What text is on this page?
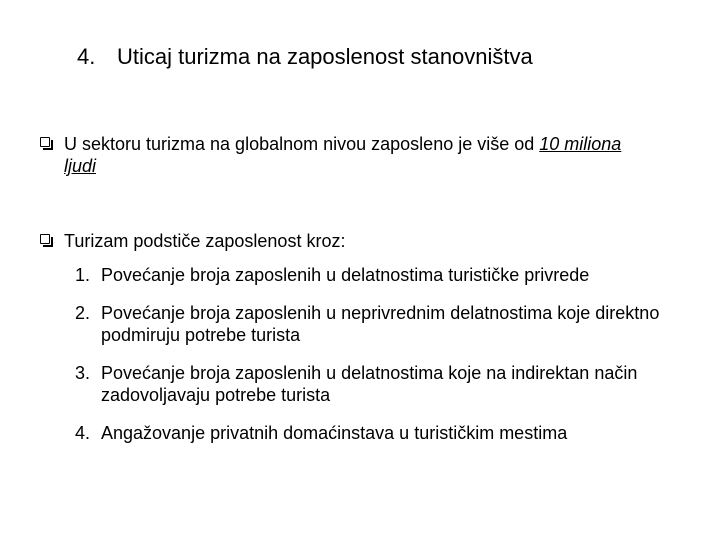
4. Uticaj turizma na zaposlenost stanovništva
U sektoru turizma na globalnom nivou zaposleno je više od 10 miliona ljudi
Turizam podstiče zaposlenost kroz:
1. Povećanje broja zaposlenih u delatnostima turističke privrede
2. Povećanje broja zaposlenih u neprivrednim delatnostima koje direktno podmiruju potrebe turista
3. Povećanje broja zaposlenih u delatnostima koje na indirektan način zadovoljavaju potrebe turista
4. Angažovanje privatnih domaćinstava u turističkim mestima
